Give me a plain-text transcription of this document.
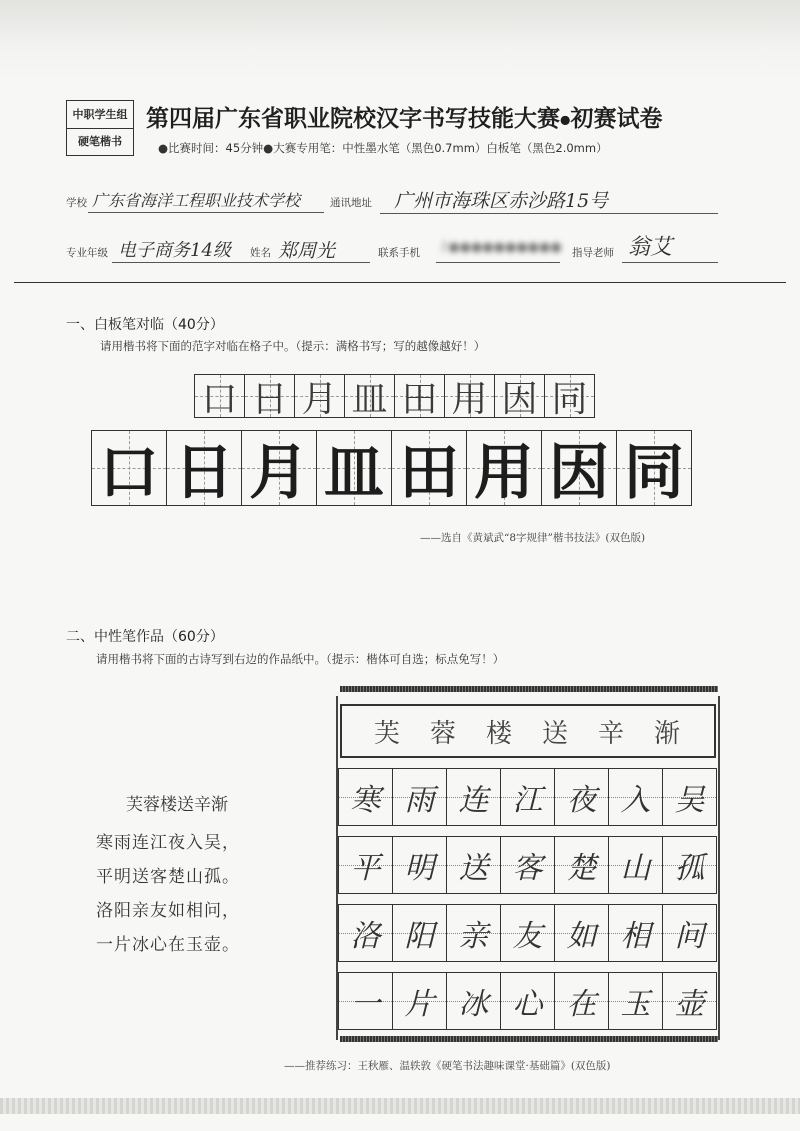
中职学生组
硬笔楷书
第四届广东省职业院校汉字书写技能大赛●初赛试卷
●比赛时间：45分钟●大赛专用笔：中性墨水笔（黑色0.7mm）白板笔（黑色2.0mm）
学校 广东省海洋工程职业技术学校	通讯地址 广州市海珠区赤沙路15号
专业年级 电子商务14级 姓名 郑周光	联系手机 1●●●●●●●●●● 指导老师 翁艾
一、白板笔对临（40分）
请用楷书将下面的范字对临在格子中。（提示：满格书写；写的越像越好！）
口 日 月 皿 田 用 因 同
口 日 月 皿 田 用 因 同
——选自《黄斌武“8字规律”楷书技法》(双色版)
二、中性笔作品（60分）
请用楷书将下面的古诗写到右边的作品纸中。（提示：楷体可自选；标点免写！）
芙蓉楼送辛渐
寒雨连江夜入吴，
平明送客楚山孤。
洛阳亲友如相问，
一片冰心在玉壶。
芙 蓉 楼 送 辛 渐
寒 雨 连 江 夜 入 吴
平 明 送 客 楚 山 孤
洛 阳 亲 友 如 相 问
一 片 冰 心 在 玉 壶
——推荐练习：王秋雁、温轶敦《硬笔书法趣味课堂·基础篇》(双色版)
